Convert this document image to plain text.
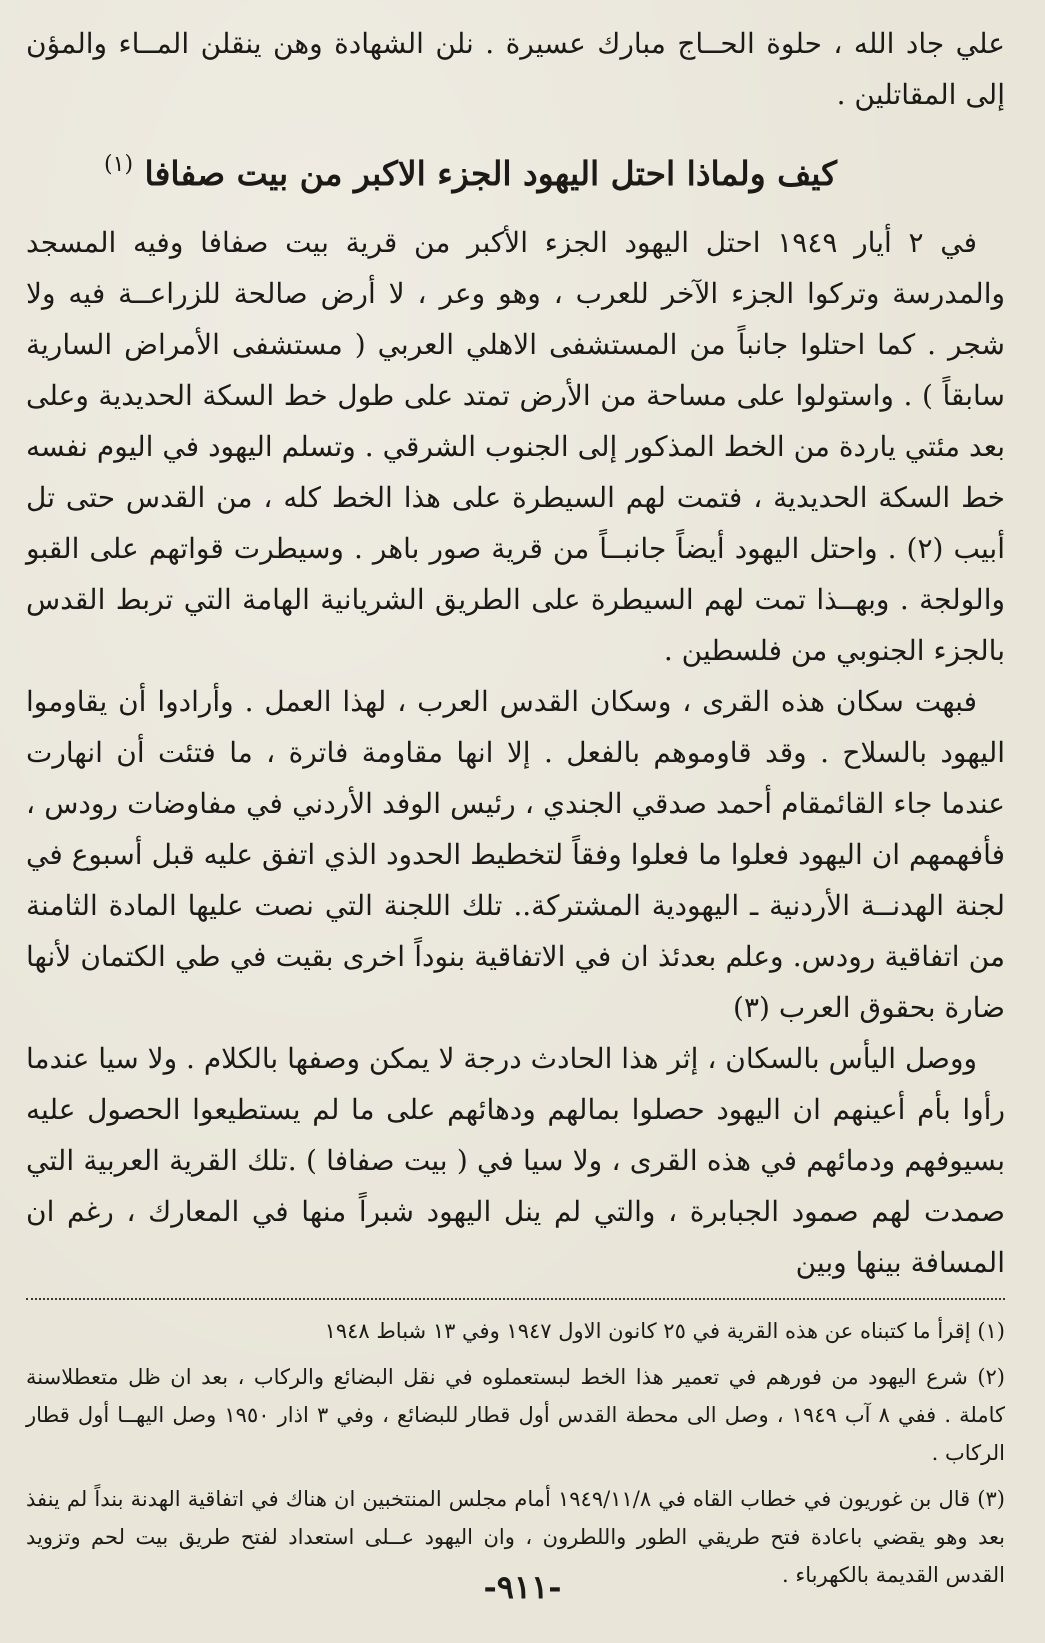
علي جاد الله ، حلوة الحــاج مبارك عسيرة . نلن الشهادة وهن ينقلن المــاء والمؤن إلى المقاتلين .

كيف ولماذا احتل اليهود الجزء الاكبر من بيت صفافا $^{(١)}$

في ٢ أيار ١٩٤٩ احتل اليهود الجزء الأكبر من قرية بيت صفافا وفيه المسجد والمدرسة وتركوا الجزء الآخر للعرب ، وهو وعر ، لا أرض صالحة للزراعــة فيه ولا شجر . كما احتلوا جانباً من المستشفى الاهلي العربي ( مستشفى الأمراض السارية سابقاً ) . واستولوا على مساحة من الأرض تمتد على طول خط السكة الحديدية وعلى بعد مئتي ياردة من الخط المذكور إلى الجنوب الشرقي . وتسلم اليهود في اليوم نفسه خط السكة الحديدية ، فتمت لهم السيطرة على هذا الخط كله ، من القدس حتى تل أبيب (٢) . واحتل اليهود أيضاً جانبــاً من قرية صور باهر . وسيطرت قواتهم على القبو والولجة . وبهــذا تمت لهم السيطرة على الطريق الشريانية الهامة التي تربط القدس بالجزء الجنوبي من فلسطين .

فبهت سكان هذه القرى ، وسكان القدس العرب ، لهذا العمل . وأرادوا أن يقاوموا اليهود بالسلاح . وقد قاوموهم بالفعل . إلا انها مقاومة فاترة ، ما فتئت أن انهارت عندما جاء القائمقام أحمد صدقي الجندي ، رئيس الوفد الأردني في مفاوضات رودس ، فأفهمهم ان اليهود فعلوا ما فعلوا وفقاً لتخطيط الحدود الذي اتفق عليه قبل أسبوع في لجنة الهدنــة الأردنية ـ اليهودية المشتركة.. تلك اللجنة التي نصت عليها المادة الثامنة من اتفاقية رودس. وعلم بعدئذ ان في الاتفاقية بنوداً اخرى بقيت في طي الكتمان لأنها ضارة بحقوق العرب (٣)

ووصل اليأس بالسكان ، إثر هذا الحادث درجة لا يمكن وصفها بالكلام . ولا سيا عندما رأوا بأم أعينهم ان اليهود حصلوا بمالهم ودهائهم على ما لم يستطيعوا الحصول عليه بسيوفهم ودمائهم في هذه القرى ، ولا سيا في ( بيت صفافا ) .تلك القرية العربية التي صمدت لهم صمود الجبابرة ، والتي لم ينل اليهود شبراً منها في المعارك ، رغم ان المسافة بينها وبين

(١) إقرأ ما كتبناه عن هذه القرية في ٢٥ كانون الاول ١٩٤٧ وفي ١٣ شباط ١٩٤٨

(٢) شرع اليهود من فورهم في تعمير هذا الخط لبستعملوه في نقل البضائع والركاب ، بعد ان ظل متعطلاسنة كاملة . ففي ٨ آب ١٩٤٩ ، وصل الى محطة القدس أول قطار للبضائع ، وفي ٣ اذار ١٩٥٠ وصل اليهــا أول قطار الركاب .

(٣) قال بن غوريون في خطاب القاه في ١٩٤٩/١١/٨ أمام مجلس المنتخبين ان هناك في اتفاقية الهدنة بنداً لم ينفذ بعد وهو يقضي باعادة فتح طريقي الطور واللطرون ، وان اليهود عــلى استعداد لفتح طريق بيت لحم وتزويد القدس القديمة بالكهرباء .

-٩١١-
